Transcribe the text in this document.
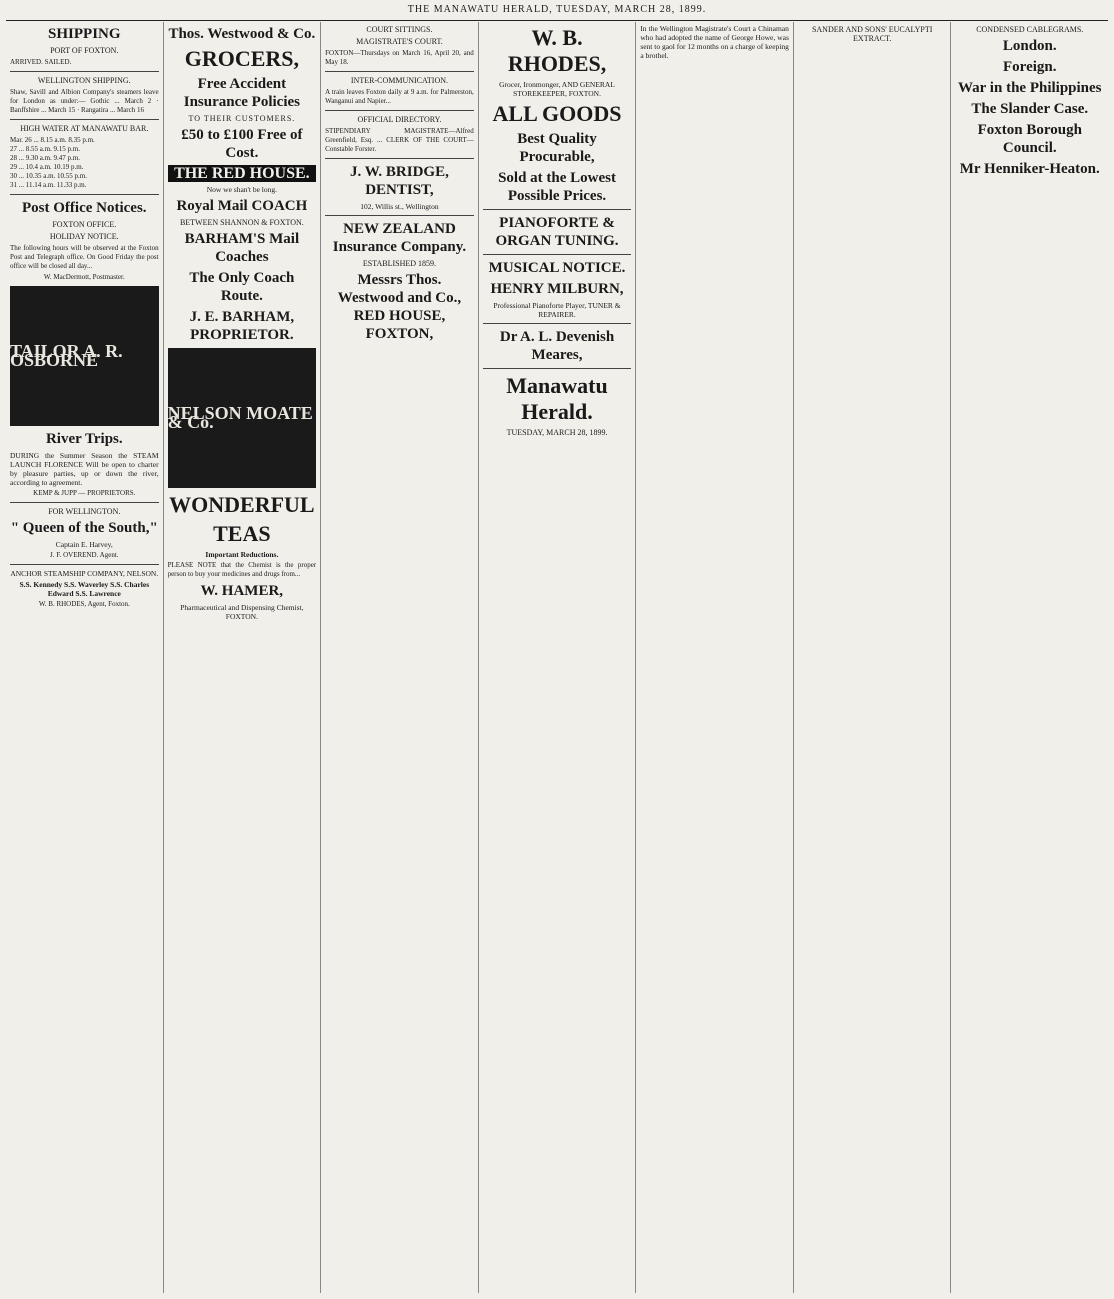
THE MANAWATU HERALD, TUESDAY, MARCH 28, 1899.
SHIPPING
PORT OF FOXTON.
ARRIVED. SAILED.
WELLINGTON SHIPPING.
Shaw, Savill and Albion Company's steamers leave for London as under:— Gothic ... March 2 · Banffshire ... March 15 · Rangatira ... March 16
HIGH WATER AT MANAWATU BAR.
Mar. 26 ... 8.15 a.m. 8.35 p.m.
27 ... 8.55 a.m. 9.15 p.m.
28 ... 9.30 a.m. 9.47 p.m.
29 ... 10.4 a.m. 10.19 p.m.
30 ... 10.35 a.m. 10.55 p.m.
31 ... 11.14 a.m. 11.33 p.m.
Post Office Notices.
FOXTON OFFICE.
HOLIDAY NOTICE.
The following hours will be observed at the Foxton Post and Telegraph office. On Good Friday the post office will be closed all day...
W. MacDermott, Postmaster.
TAILOR A. R. OSBORNE
River Trips.
DURING the Summer Season the STEAM LAUNCH FLORENCE Will be open to charter by pleasure parties, up or down the river, according to agreement.
KEMP & JUPP — PROPRIETORS.
FOR WELLINGTON.
" Queen of the South,"
Captain E. Harvey,
J. F. OVEREND. Agent.
ANCHOR STEAMSHIP COMPANY, NELSON.
S.S. Kennedy S.S. Waverley S.S. Charles Edward S.S. Lawrence
W. B. RHODES, Agent, Foxton.
Thos. Westwood & Co.
GROCERS,
Free Accident Insurance Policies
TO THEIR CUSTOMERS.
£50 to £100 Free of Cost.
THE RED HOUSE.
Now we shan't be long.
Royal Mail COACH
BETWEEN SHANNON & FOXTON.
BARHAM'S Mail Coaches
The Only Coach Route.
J. E. BARHAM, PROPRIETOR.
NELSON MOATE & Co.
WONDERFUL
TEAS
Important Reductions.
PLEASE NOTE that the Chemist is the proper person to buy your medicines and drugs from...
W. HAMER,
Pharmaceutical and Dispensing Chemist, FOXTON.
COURT SITTINGS.
MAGISTRATE'S COURT.
FOXTON—Thursdays on March 16, April 20, and May 18.
INTER-COMMUNICATION.
A train leaves Foxton daily at 9 a.m. for Palmerston, Wanganui and Napier...
OFFICIAL DIRECTORY.
STIPENDIARY MAGISTRATE—Alfred Greenfield, Esq. ... CLERK OF THE COURT—Constable Forster.
J. W. BRIDGE, DENTIST,
102, Willis st., Wellington
NEW ZEALAND Insurance Company.
ESTABLISHED 1859.
Messrs Thos. Westwood and Co., RED HOUSE, FOXTON,
W. B. RHODES,
Grocer, Ironmonger, AND GENERAL STOREKEEPER, FOXTON.
ALL GOODS
Best Quality Procurable,
Sold at the Lowest Possible Prices.
PIANOFORTE & ORGAN TUNING.
MUSICAL NOTICE.
HENRY MILBURN,
Professional Pianoforte Player, TUNER & REPAIRER.
Dr A. L. Devenish Meares,
Manawatu Herald.
TUESDAY, MARCH 28, 1899.
In the Wellington Magistrate's Court a Chinaman who had adopted the name of George Howe, was sent to gaol for 12 months on a charge of keeping a brothel.
SANDER AND SONS' EUCALYPTI EXTRACT.
CONDENSED CABLEGRAMS.
London.
Foreign.
War in the Philippines
The Slander Case.
Foxton Borough Council.
Mr Henniker-Heaton.
